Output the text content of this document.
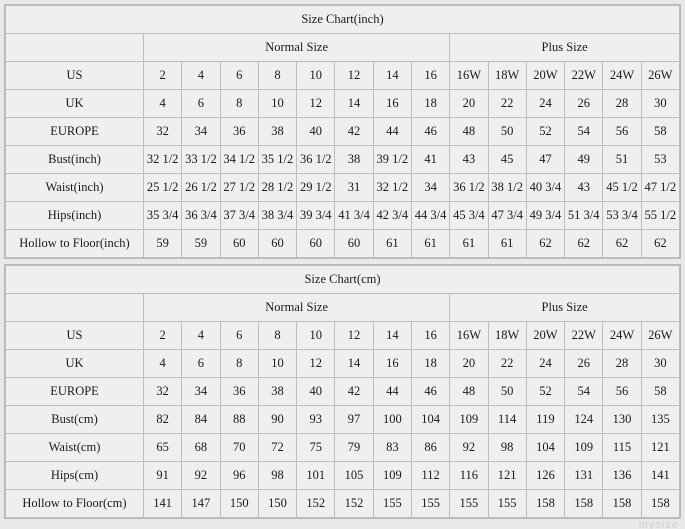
Size Chart(inch)														
	Normal Size								Plus Size					
US	2	4	6	8	10	12	14	16	16W	18W	20W	22W	24W	26W
UK	4	6	8	10	12	14	16	18	20	22	24	26	28	30
EUROPE	32	34	36	38	40	42	44	46	48	50	52	54	56	58
Bust(inch)	32 1/2	33 1/2	34 1/2	35 1/2	36 1/2	38	39 1/2	41	43	45	47	49	51	53
Waist(inch)	25 1/2	26 1/2	27 1/2	28 1/2	29 1/2	31	32 1/2	34	36 1/2	38 1/2	40 3/4	43	45 1/2	47 1/2
Hips(inch)	35 3/4	36 3/4	37 3/4	38 3/4	39 3/4	41 3/4	42 3/4	44 3/4	45 3/4	47 3/4	49 3/4	51 3/4	53 3/4	55 1/2
Hollow to Floor(inch)	59	59	60	60	60	60	61	61	61	61	62	62	62	62
Size Chart(cm)														
	Normal Size								Plus Size					
US	2	4	6	8	10	12	14	16	16W	18W	20W	22W	24W	26W
UK	4	6	8	10	12	14	16	18	20	22	24	26	28	30
EUROPE	32	34	36	38	40	42	44	46	48	50	52	54	56	58
Bust(cm)	82	84	88	90	93	97	100	104	109	114	119	124	130	135
Waist(cm)	65	68	70	72	75	79	83	86	92	98	104	109	115	121
Hips(cm)	91	92	96	98	101	105	109	112	116	121	126	131	136	141
Hollow to Floor(cm)	141	147	150	150	152	152	155	155	155	155	158	158	158	158
mysize
